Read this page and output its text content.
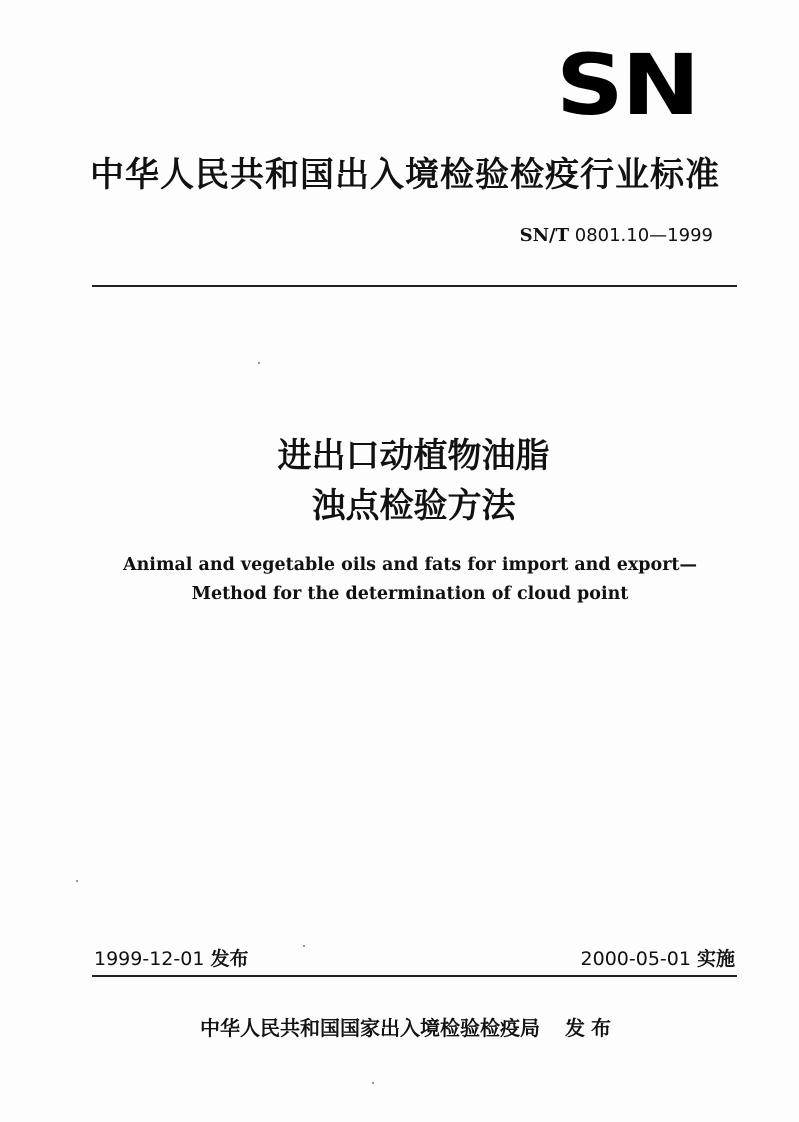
SN
中华人民共和国出入境检验检疫行业标准
SN/T 0801.10—1999
进出口动植物油脂
浊点检验方法
Animal and vegetable oils and fats for import and export—
Method for the determination of cloud point
1999-12-01 发布	2000-05-01 实施
中华人民共和国国家出入境检验检疫局 发布
